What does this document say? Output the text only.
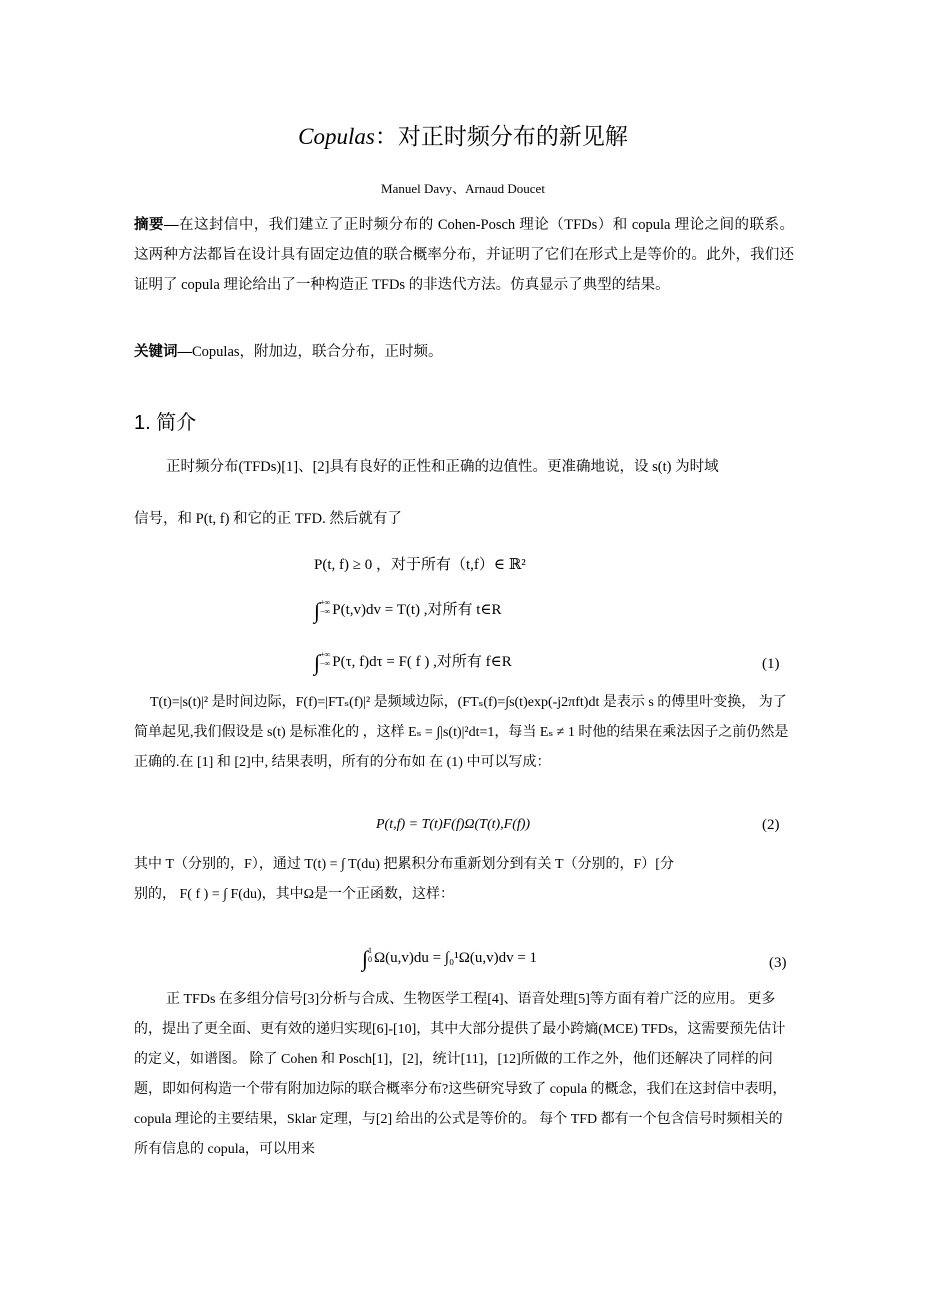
Copulas：对正时频分布的新见解
Manuel Davy、Arnaud Doucet
摘要—在这封信中，我们建立了正时频分布的 Cohen-Posch 理论（TFDs）和 copula 理论之间的联系。 这两种方法都旨在设计具有固定边值的联合概率分布，并证明了它们在形式上是等价的。此外，我们还证明了 copula 理论给出了一种构造正 TFDs 的非迭代方法。仿真显示了典型的结果。
关键词—Copulas，附加边，联合分布，正时频。
1. 简介
正时频分布(TFDs)[1]、[2]具有良好的正性和正确的边值性。更准确地说，设 s(t) 为时域
信号，和 P(t, f) 和它的正 TFD. 然后就有了
P(t, f) ≥ 0 ，对于所有（t,f）∈ ℝ²
∫+∞
−∞ P(t,v)dv = T(t) ,对所有 t∈R
∫+∞
−∞ P(τ, f)dτ = F( f ) ,对所有 f∈R	(1)
T(t)=|s(t)|² 是时间边际，F(f)=|FTₛ(f)|² 是频域边际，(FTₛ(f)=∫s(t)exp(-j2πft)dt 是表示 s 的傅里叶变换， 为了简单起见,我们假设是 s(t) 是标准化的 ，这样 Eₛ = ∫|s(t)|²dt=1，每当 Eₛ ≠ 1 时他的结果在乘法因子之前仍然是正确的.在 [1] 和 [2]中, 结果表明，所有的分布如 在 (1) 中可以写成：
P(t,f) = T(t)F(f)Ω(T(t),F(f))	(2)
其中 T（分别的，F），通过 T(t) = ∫ T(du) 把累积分布重新划分到有关 T（分别的，F）[分
别的， F( f ) = ∫ F(du)，其中Ω是一个正函数，这样：
∫1
0 Ω(u,v)du = ∫₀¹Ω(u,v)dv = 1	(3)
正 TFDs 在多组分信号[3]分析与合成、生物医学工程[4]、语音处理[5]等方面有着广泛的应用。 更多的，提出了更全面、更有效的递归实现[6]-[10]，其中大部分提供了最小跨熵(MCE) TFDs，这需要预先估计的定义，如谱图。 除了 Cohen 和 Posch[1]，[2]，统计[11]，[12]所做的工作之外，他们还解决了同样的问题，即如何构造一个带有附加边际的联合概率分布?这些研究导致了 copula 的概念，我们在这封信中表明，copula 理论的主要结果，Sklar 定理，与[2] 给出的公式是等价的。 每个 TFD 都有一个包含信号时频相关的所有信息的 copula，可以用来
